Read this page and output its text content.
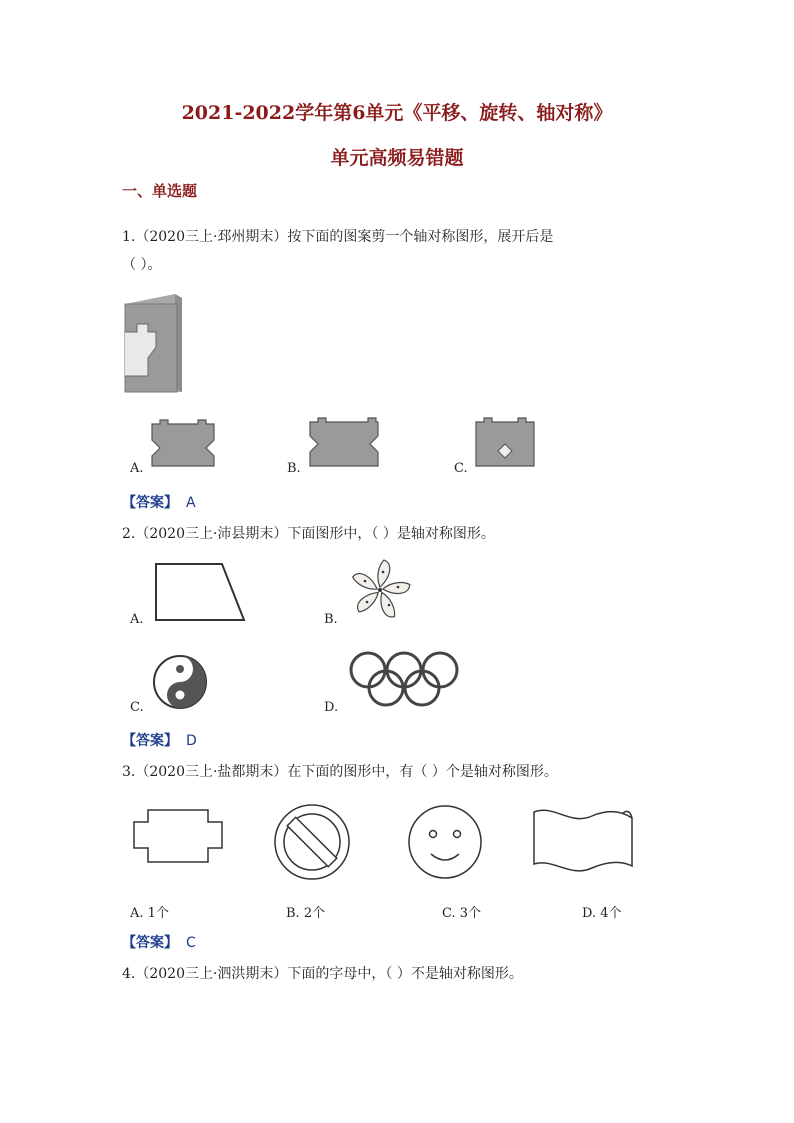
2021-2022学年第6单元《平移、旋转、轴对称》
单元高频易错题
一、单选题
1.（2020三上·邳州期末）按下面的图案剪一个轴对称图形，展开后是
（ ）。
A.	B.	C.
【答案】 A
2.（2020三上·沛县期末）下面图形中，（ ）是轴对称图形。
A.	B.
C.	D.
【答案】 D
3.（2020三上·盐都期末）在下面的图形中，有（ ）个是轴对称图形。
A. 1个	B. 2个	C. 3个	D. 4个
【答案】 C
4.（2020三上·泗洪期末）下面的字母中，（ ）不是轴对称图形。
